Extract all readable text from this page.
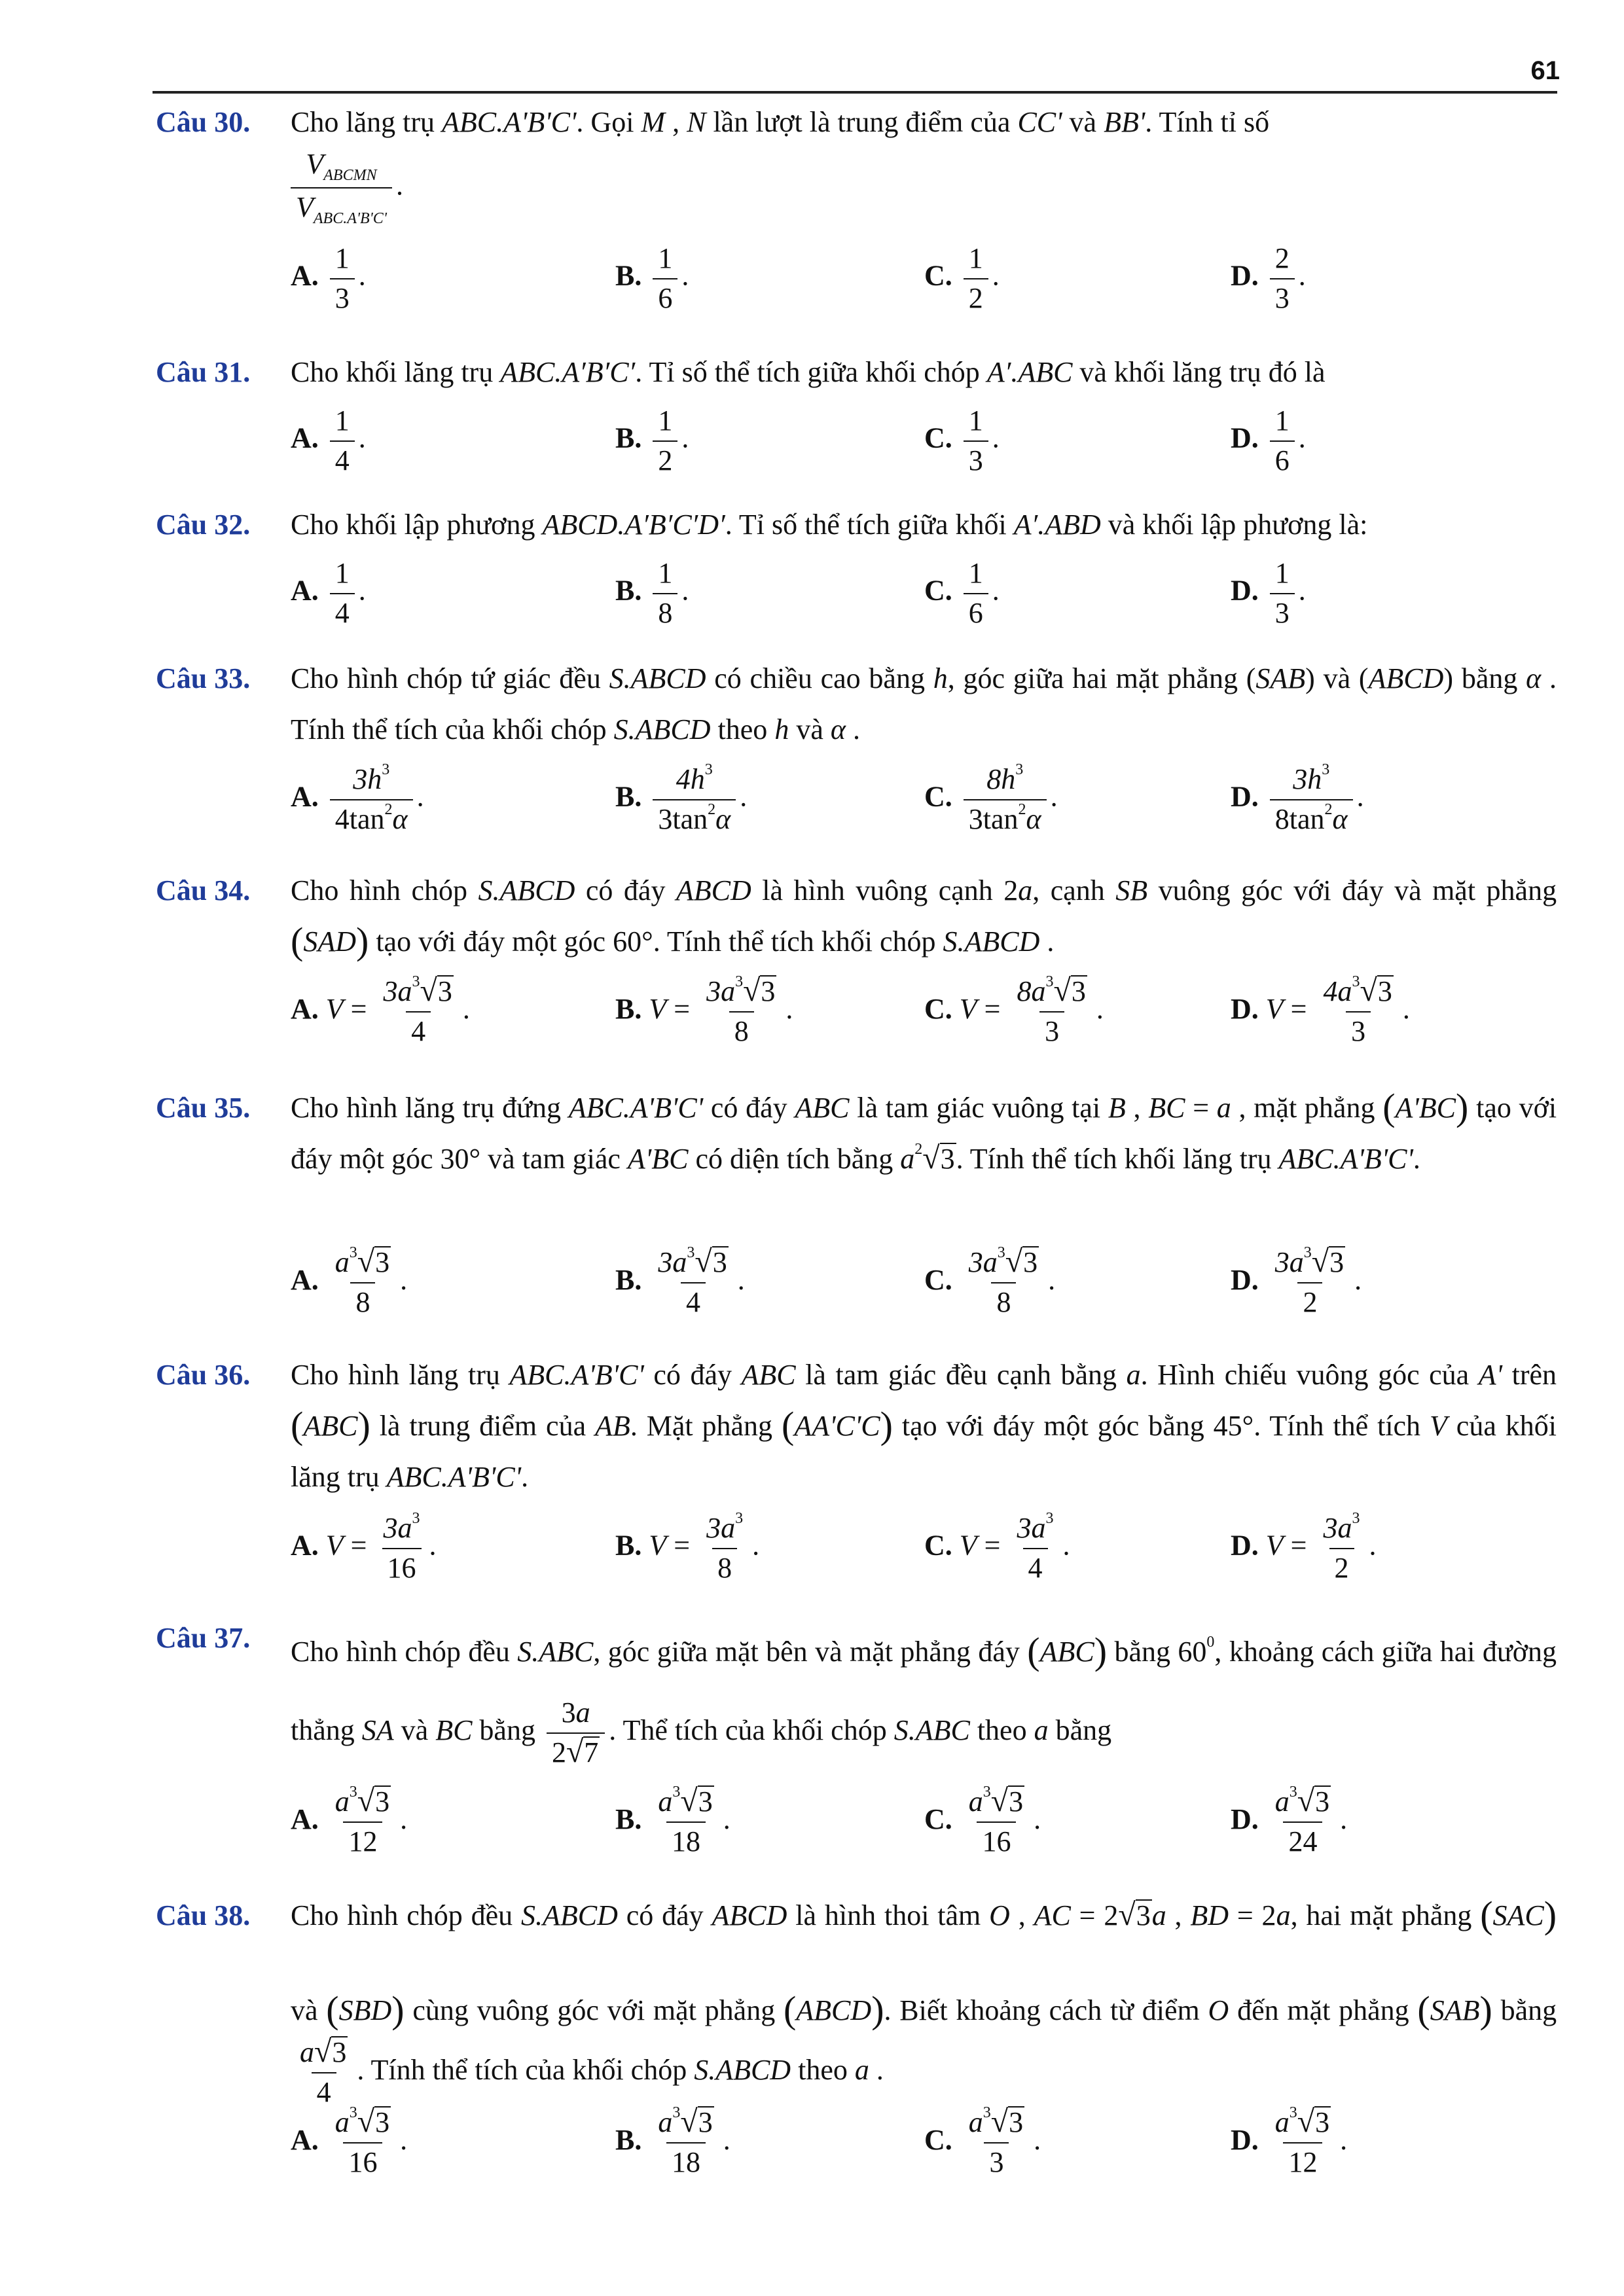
61
Câu 30. Cho lăng trụ ABC.A'B'C'. Gọi M , N lần lượt là trung điểm của CC' và BB'. Tính tỉ số

$\frac{V_{ABCMN}}{V_{ABC.A'B'C'}}$ .
A. $\frac{1}{3}$ .	B. $\frac{1}{6}$ .	C. $\frac{1}{2}$ .	D. $\frac{2}{3}$ .
Câu 31. Cho khối lăng trụ ABC.A′B′C′. Tỉ số thể tích giữa khối chóp A′.ABC và khối lăng trụ đó là
A. $\frac{1}{4}$ .	B. $\frac{1}{2}$ .	C. $\frac{1}{3}$ .	D. $\frac{1}{6}$ .
Câu 32. Cho khối lập phương ABCD.A′B′C′D′. Tỉ số thể tích giữa khối A′.ABD và khối lập phương là:
A. $\frac{1}{4}$ .	B. $\frac{1}{8}$ .	C. $\frac{1}{6}$ .	D. $\frac{1}{3}$ .
Câu 33. Cho hình chóp tứ giác đều S.ABCD có chiều cao bằng h, góc giữa hai mặt phẳng (SAB) và (ABCD) bằng α . Tính thể tích của khối chóp S.ABCD theo h và α .
A. $\frac{3h^3}{4\tan^2\alpha}$ .	B. $\frac{4h^3}{3\tan^2\alpha}$ .	C. $\frac{8h^3}{3\tan^2\alpha}$ .	D. $\frac{3h^3}{8\tan^2\alpha}$ .
Câu 34. Cho hình chóp S.ABCD có đáy ABCD là hình vuông cạnh 2a, cạnh SB vuông góc với đáy và mặt phẳng (SAD) tạo với đáy một góc 60°. Tính thể tích khối chóp S.ABCD .
A. $V = \frac{3a^3 √ 3}{4}$ .	B. $V = \frac{3a^3 √ 3}{8}$ .	C. $V = \frac{8a^3 √ 3}{3}$ .	D. $V = \frac{4a^3 √ 3}{3}$ .
Câu 35. Cho hình lăng trụ đứng ABC.A'B'C' có đáy ABC là tam giác vuông tại B , BC = a , mặt phẳng (A'BC) tạo với đáy một góc 30° và tam giác A'BC có diện tích bằng $a^2$ √ 3 . Tính thể tích khối lăng trụ ABC.A'B'C'.
A. $\frac{a^3 √ 3}{8}$ .	B. $\frac{3a^3 √ 3}{4}$ .	C. $\frac{3a^3 √ 3}{8}$ .	D. $\frac{3a^3 √ 3}{2}$ .
Câu 36. Cho hình lăng trụ ABC.A'B'C' có đáy ABC là tam giác đều cạnh bằng a. Hình chiếu vuông góc của A' trên (ABC) là trung điểm của AB. Mặt phẳng (AA'C'C) tạo với đáy một góc bằng 45°. Tính thể tích V của khối lăng trụ ABC.A'B'C'.
A. $V = \frac{3a^3}{16}$ .	B. $V = \frac{3a^3}{8}$ .	C. $V = \frac{3a^3}{4}$ .	D. $V = \frac{3a^3}{2}$ .
Câu 37. Cho hình chóp đều S.ABC, góc giữa mặt bên và mặt phẳng đáy (ABC) bằng $60^0$, khoảng cách giữa hai đường thẳng SA và BC bằng $\frac{3a}{2 √ 7}$ . Thể tích của khối chóp S.ABC theo a bằng
A. $\frac{a^3 √ 3}{12}$ .	B. $\frac{a^3 √ 3}{18}$ .	C. $\frac{a^3 √ 3}{16}$ .	D. $\frac{a^3 √ 3}{24}$ .
Câu 38. Cho hình chóp đều S.ABCD có đáy ABCD là hình thoi tâm O , AC = 2 √ 3 a , BD = 2a, hai mặt phẳng (SAC) và (SBD) cùng vuông góc với mặt phẳng (ABCD). Biết khoảng cách từ điểm O đến mặt phẳng (SAB) bằng
$\frac{a √ 3}{4}$ . Tính thể tích của khối chóp S.ABCD theo a .
A. $\frac{a^3 √ 3}{16}$ .	B. $\frac{a^3 √ 3}{18}$ .	C. $\frac{a^3 √ 3}{3}$ .	D. $\frac{a^3 √ 3}{12}$ .
